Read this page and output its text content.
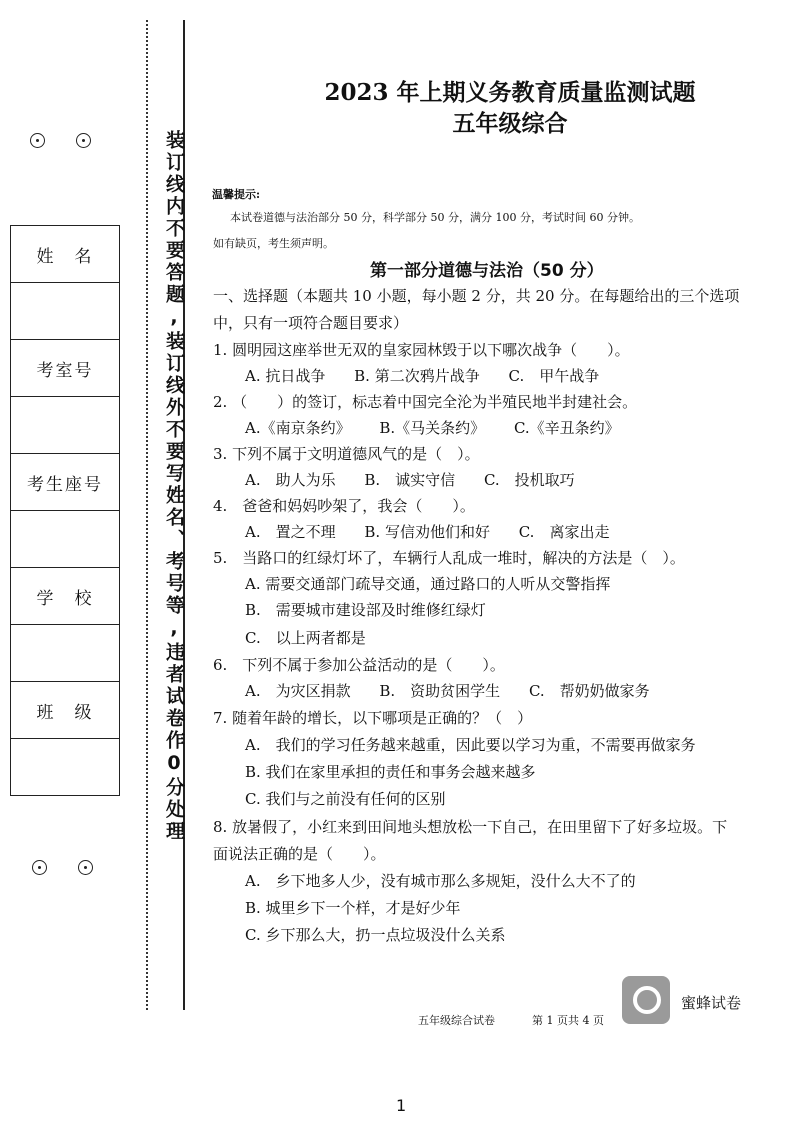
装订线内不要答题,装订线外不要写姓名、考号等,违者试卷作0分处理
姓　名

考室号

考生座号

学　校

班　级

2023 年上期义务教育质量监测试题
五年级综合
温馨提示:
本试卷道德与法治部分 50 分，科学部分 50 分，满分 100 分，考试时间 60 分钟。
如有缺页，考生须声明。
第一部分道德与法治（50 分）
一、选择题（本题共 10 小题，每小题 2 分，共 20 分。在每题给出的三个选项
中，只有一项符合题目要求）
1. 圆明园这座举世无双的皇家园林毁于以下哪次战争（　　）。
A. 抗日战争 B. 第二次鸦片战争 C.　甲午战争
2. （　　）的签订，标志着中国完全沦为半殖民地半封建社会。
A.《南京条约》 B.《马关条约》 C.《辛丑条约》
3. 下列不属于文明道德风气的是（　）。
A.　助人为乐 B.　诚实守信 C.　投机取巧
4.　爸爸和妈妈吵架了，我会（　　）。
A.　置之不理 B. 写信劝他们和好 C.　离家出走
5.　当路口的红绿灯坏了，车辆行人乱成一堆时，解决的方法是（　）。
A. 需要交通部门疏导交通，通过路口的人听从交警指挥
B.　需要城市建设部及时维修红绿灯
C.　以上两者都是
6.　下列不属于参加公益活动的是（　　）。
A.　为灾区捐款 B.　资助贫困学生 C.　帮奶奶做家务
7. 随着年龄的增长，以下哪项是正确的？（　）
A.　我们的学习任务越来越重，因此要以学习为重，不需要再做家务
B. 我们在家里承担的责任和事务会越来越多
C. 我们与之前没有任何的区别
8. 放暑假了，小红来到田间地头想放松一下自己，在田里留下了好多垃圾。下
面说法正确的是（　　）。
A.　乡下地多人少，没有城市那么多规矩，没什么大不了的
B. 城里乡下一个样，才是好少年
C. 乡下那么大，扔一点垃圾没什么关系
蜜蜂试卷
五年级综合试卷	第 1 页共 4 页
1
